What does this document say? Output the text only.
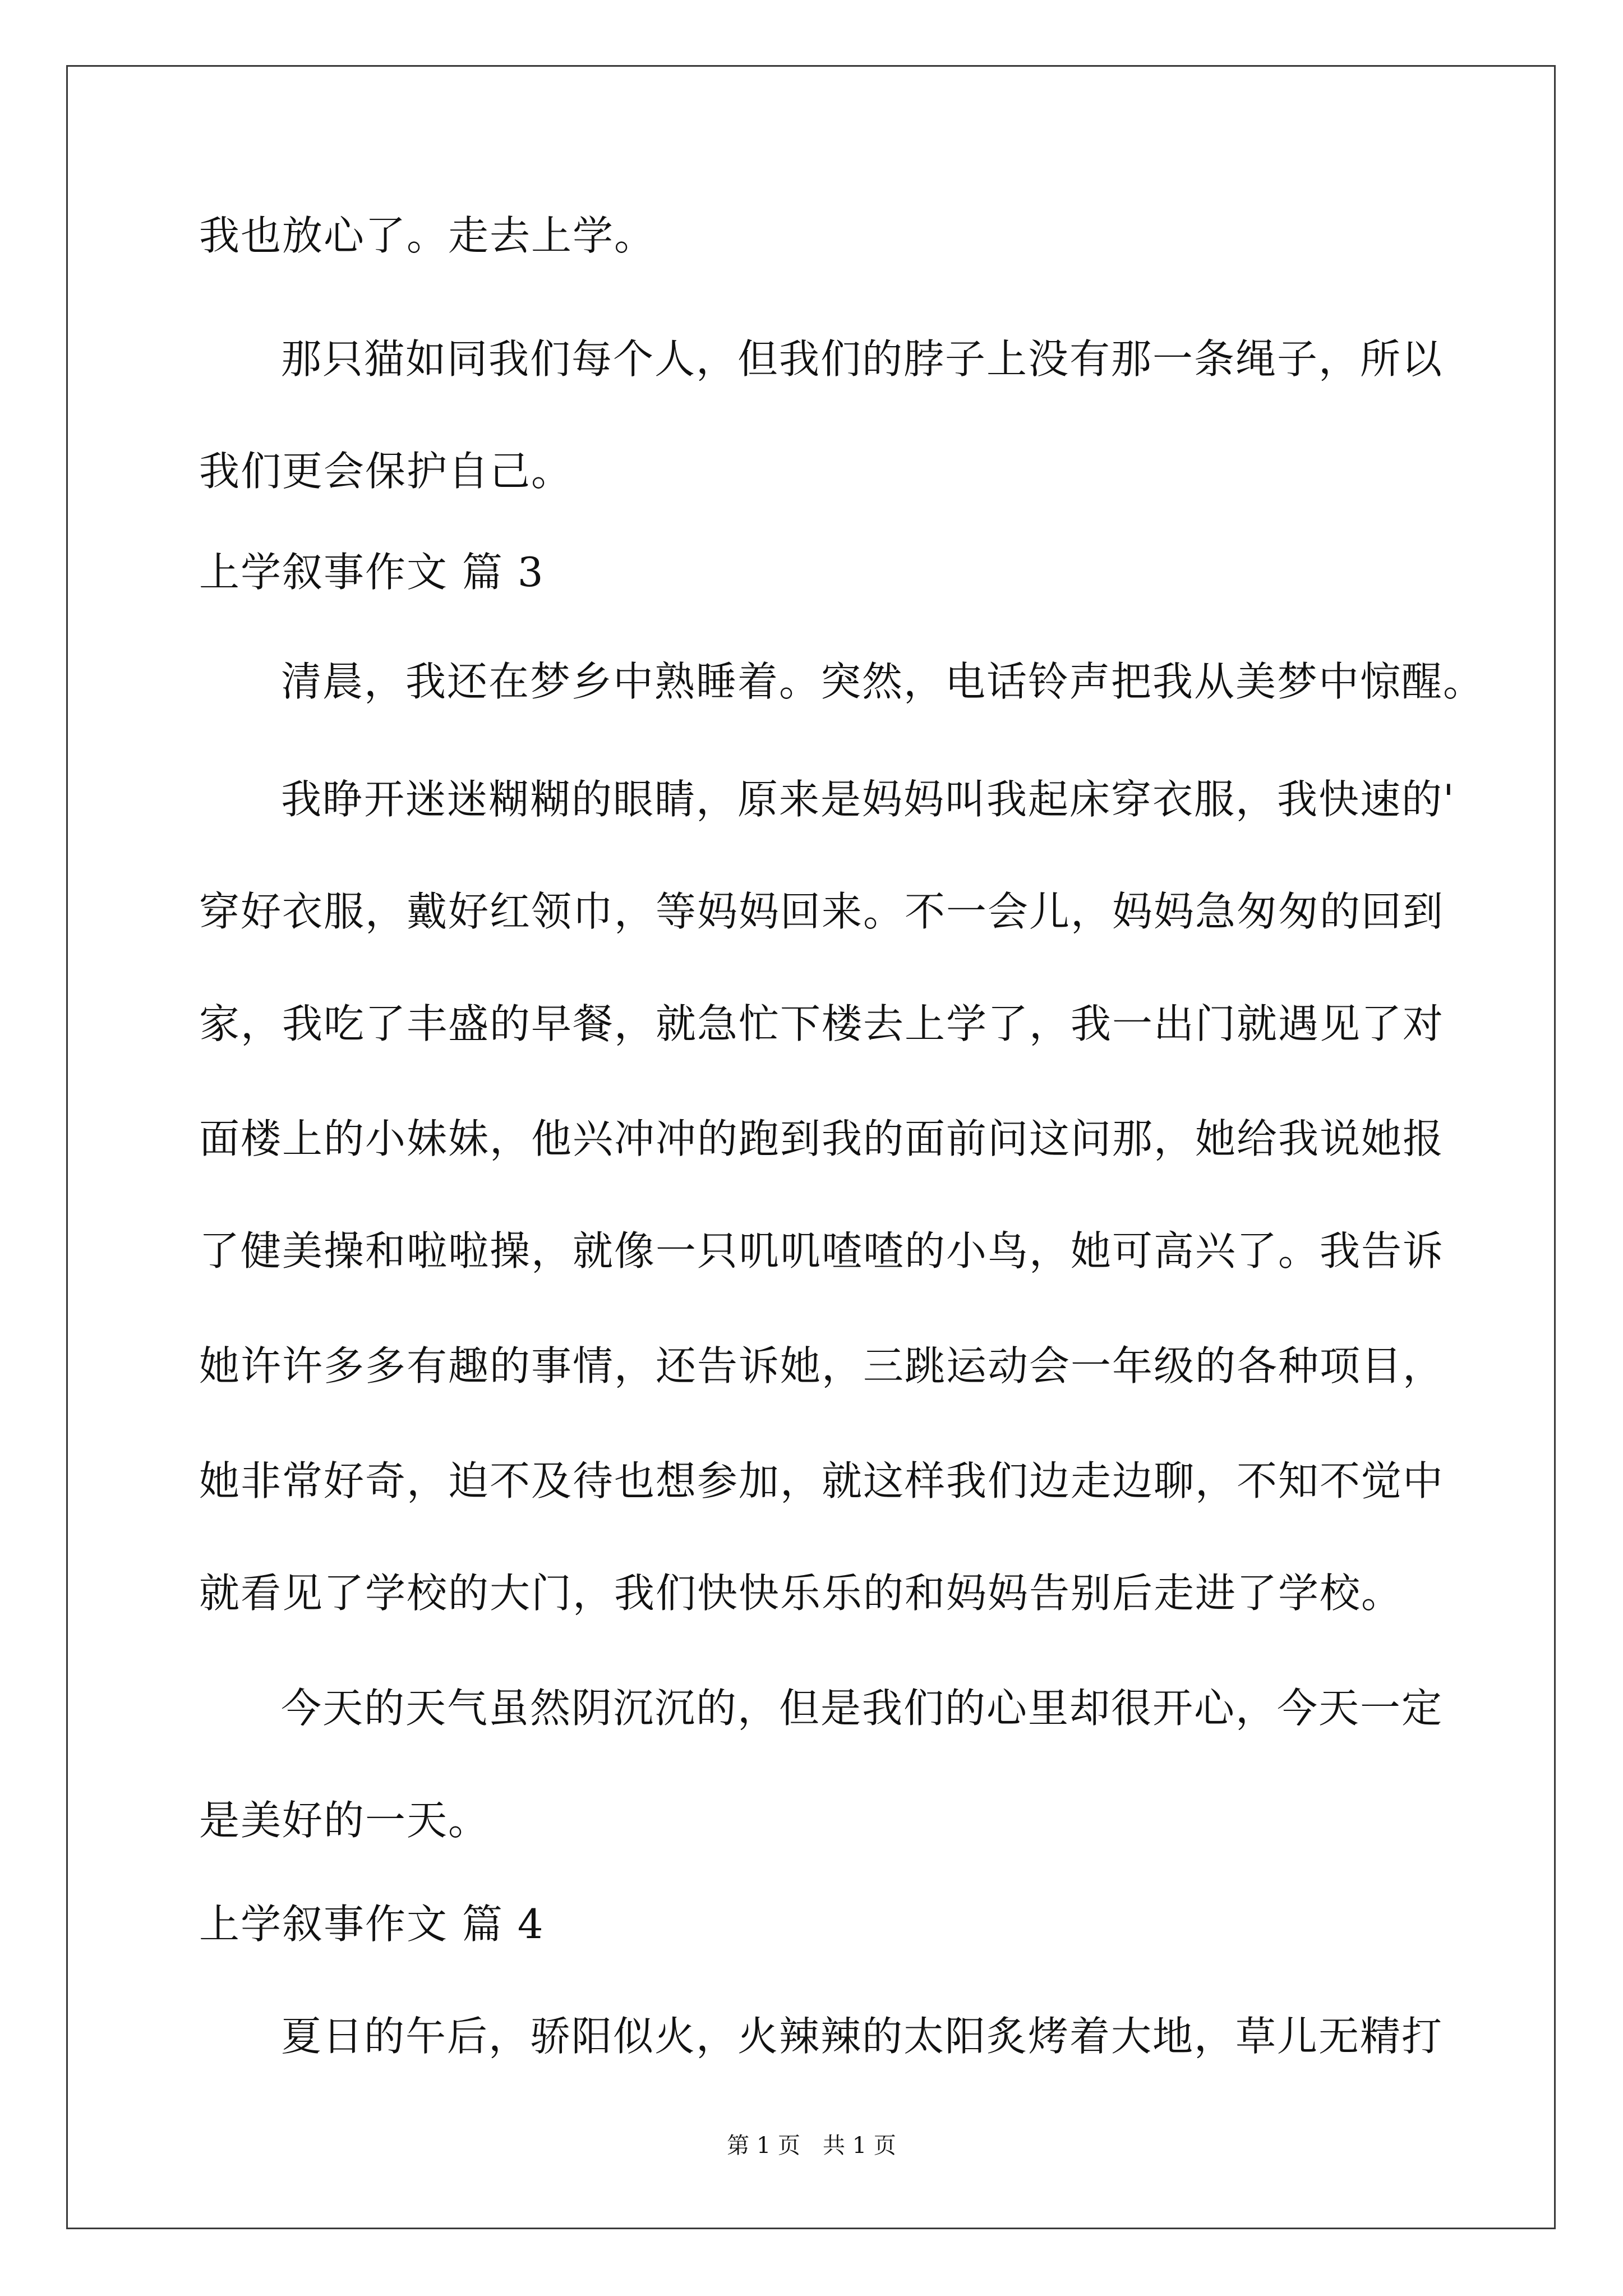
我也放心了。走去上学。
那只猫如同我们每个人，但我们的脖子上没有那一条绳子，所以
我们更会保护自己。
上学叙事作文 篇 3
清晨，我还在梦乡中熟睡着。突然，电话铃声把我从美梦中惊醒。
我睁开迷迷糊糊的眼睛，原来是妈妈叫我起床穿衣服，我快速的'
穿好衣服，戴好红领巾，等妈妈回来。不一会儿，妈妈急匆匆的回到
家，我吃了丰盛的早餐，就急忙下楼去上学了，我一出门就遇见了对
面楼上的小妹妹，他兴冲冲的跑到我的面前问这问那，她给我说她报
了健美操和啦啦操，就像一只叽叽喳喳的小鸟，她可高兴了。我告诉
她许许多多有趣的事情，还告诉她，三跳运动会一年级的各种项目，
她非常好奇，迫不及待也想参加，就这样我们边走边聊，不知不觉中
就看见了学校的大门，我们快快乐乐的和妈妈告别后走进了学校。
今天的天气虽然阴沉沉的，但是我们的心里却很开心，今天一定
是美好的一天。
上学叙事作文 篇 4
夏日的午后，骄阳似火，火辣辣的太阳炙烤着大地，草儿无精打
第 1 页　共 1 页
